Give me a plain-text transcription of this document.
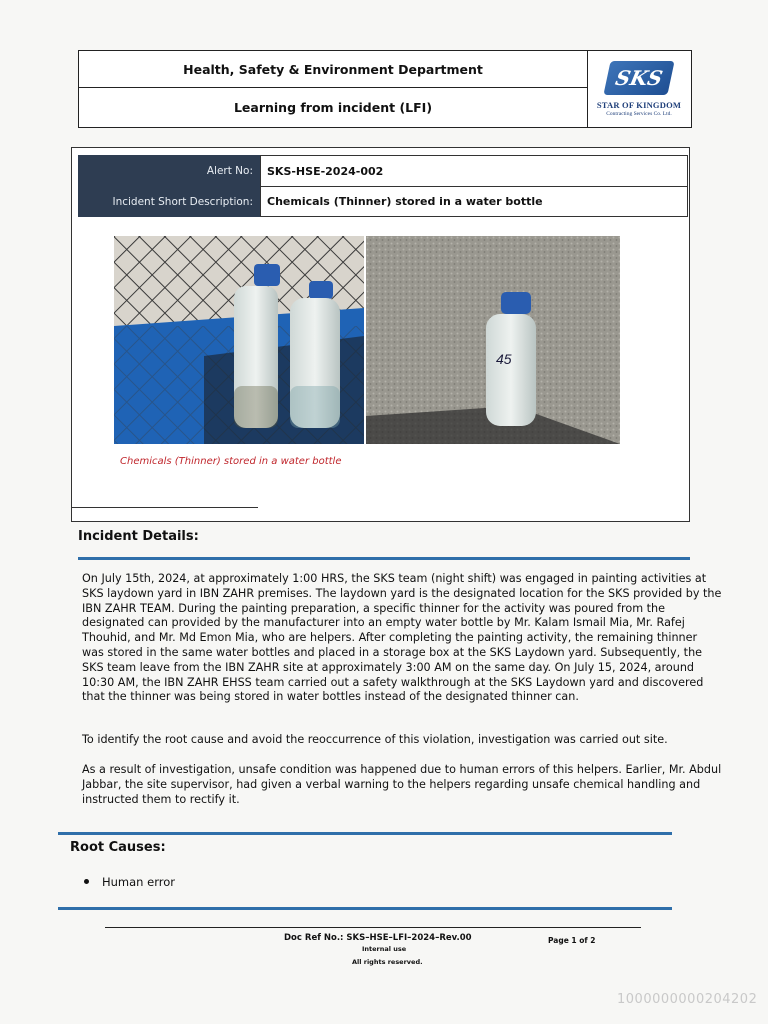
Health, Safety & Environment Department
Learning from incident (LFI)
SKS
STAR OF KINGDOM
Contracting Services Co. Ltd.
Alert No:	SKS-HSE-2024-002
Incident Short Description:	Chemicals (Thinner) stored in a water bottle
45
Chemicals (Thinner) stored in a water bottle
Incident Details:

On July 15th, 2024, at approximately 1:00 HRS, the SKS team (night shift) was engaged in painting activities at SKS laydown yard in IBN ZAHR premises. The laydown yard is the designated location for the SKS provided by the IBN ZAHR TEAM. During the painting preparation, a specific thinner for the activity was poured from the designated can provided by the manufacturer into an empty water bottle by Mr. Kalam Ismail Mia, Mr. Rafej Thouhid, and Mr. Md Emon Mia, who are helpers. After completing the painting activity, the remaining thinner was stored in the same water bottles and placed in a storage box at the SKS Laydown yard. Subsequently, the SKS team leave from the IBN ZAHR site at approximately 3:00 AM on the same day. On July 15, 2024, around 10:30 AM, the IBN ZAHR EHSS team carried out a safety walkthrough at the SKS Laydown yard and discovered that the thinner was being stored in water bottles instead of the designated thinner can.

To identify the root cause and avoid the reoccurrence of this violation, investigation was carried out site.

As a result of investigation, unsafe condition was happened due to human errors of this helpers. Earlier, Mr. Abdul Jabbar, the site supervisor, had given a verbal warning to the helpers regarding unsafe chemical handling and instructed them to rectify it.

Root Causes:
Human error
Doc Ref No.: SKS–HSE–LFI–2024–Rev.00
Internal use
All rights reserved.
Page 1 of 2
1000000000204202
